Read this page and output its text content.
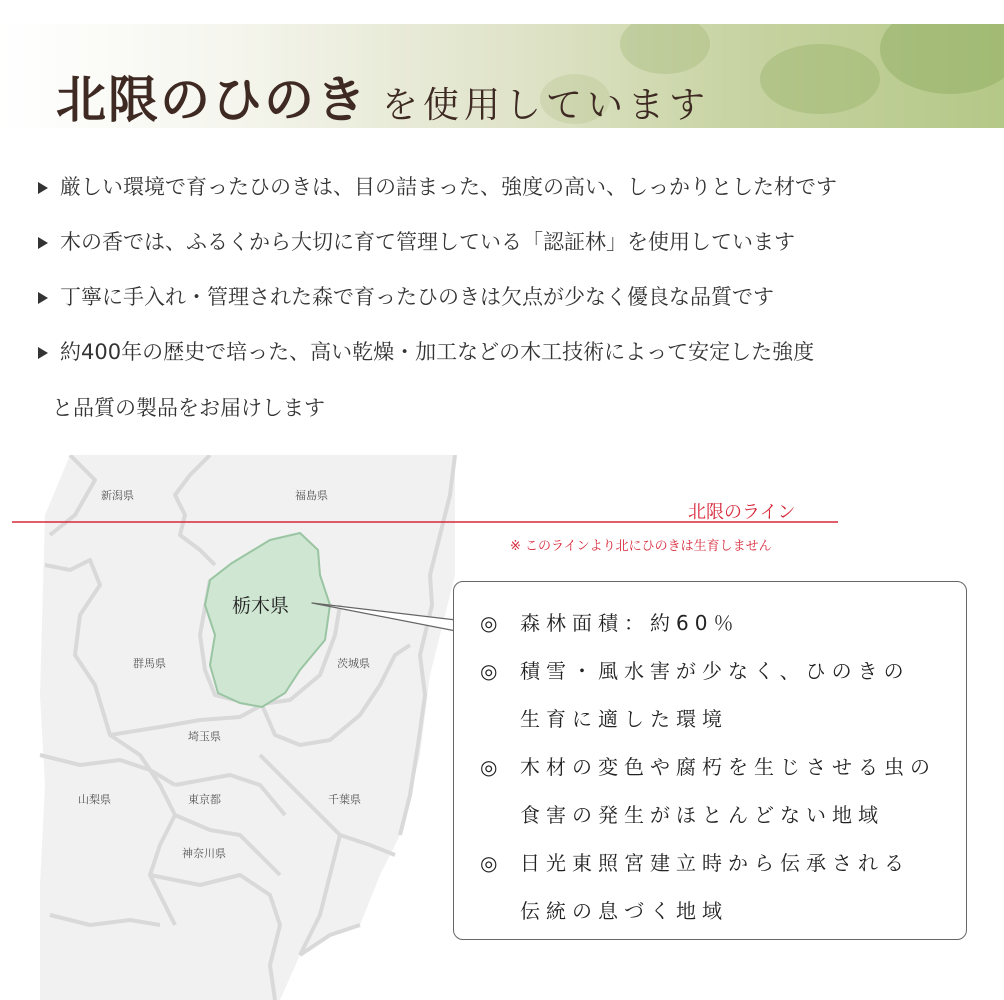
北限のひのき を使用しています
厳しい環境で育ったひのきは、目の詰まった、強度の高い、しっかりとした材です
木の香では、ふるくから大切に育て管理している「認証林」を使用しています
丁寧に手入れ・管理された森で育ったひのきは欠点が少なく優良な品質です
約400年の歴史で培った、高い乾燥・加工などの木工技術によって安定した強度
と品質の製品をお届けします
新潟県	福島県
栃木県
群馬県	茨城県
埼玉県
山梨県	東京都	千葉県
神奈川県
北限のライン
※ このラインより北にひのきは生育しません
◎ 森林面積：約60％
◎ 積雪・風水害が少なく、ひのきの
生育に適した環境
◎ 木材の変色や腐朽を生じさせる虫の
食害の発生がほとんどない地域
◎ 日光東照宮建立時から伝承される
伝統の息づく地域
